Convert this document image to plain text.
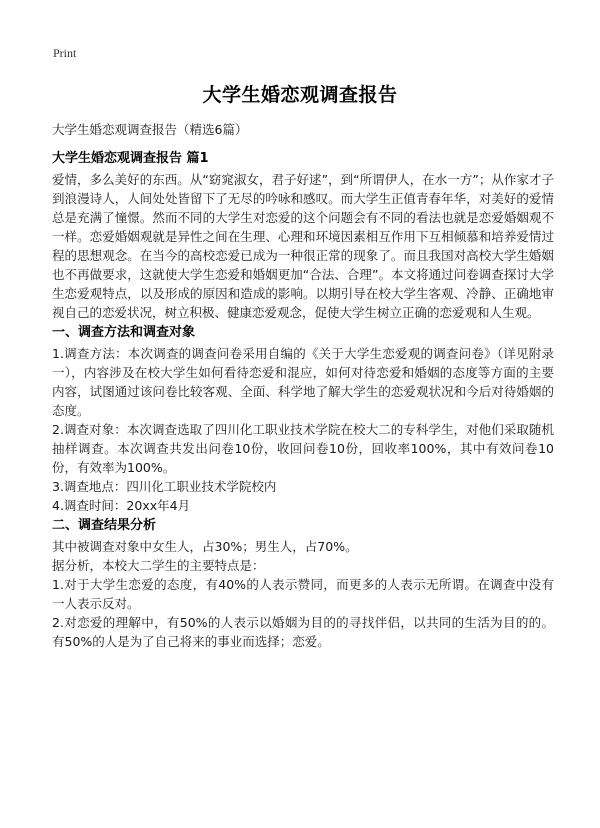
Print
大学生婚恋观调查报告
大学生婚恋观调查报告（精选6篇）
大学生婚恋观调查报告 篇1

爱情，多么美好的东西。从“窈窕淑女，君子好逑”，到“所谓伊人，在水一方”；从作家才子到浪漫诗人，人间处处皆留下了无尽的吟咏和感叹。而大学生正值青春年华，对美好的爱情总是充满了憧憬。然而不同的大学生对恋爱的这个问题会有不同的看法也就是恋爱婚姻观不一样。恋爱婚姻观就是异性之间在生理、心理和环境因素相互作用下互相倾慕和培养爱情过程的思想观念。在当今的高校恋爱已成为一种很正常的现象了。而且我国对高校大学生婚姻也不再做要求，这就使大学生恋爱和婚姻更加“合法、合理”。本文将通过问卷调查探讨大学生恋爱观特点，以及形成的原因和造成的影响。以期引导在校大学生客观、冷静、正确地审视自己的恋爱状况，树立积极、健康恋爱观念，促使大学生树立正确的恋爱观和人生观。

一、调查方法和调查对象

1.调查方法：本次调查的调查问卷采用自编的《关于大学生恋爱观的调查问卷》（详见附录一），内容涉及在校大学生如何看待恋爱和混应，如何对待恋爱和婚姻的态度等方面的主要内容，试图通过该问卷比较客观、全面、科学地了解大学生的恋爱观状况和今后对待婚姻的态度。

2.调查对象：本次调查选取了四川化工职业技术学院在校大二的专科学生，对他们采取随机抽样调查。本次调查共发出问卷10份，收回问卷10份，回收率100%，其中有效问卷10份，有效率为100%。

3.调查地点：四川化工职业技术学院校内

4.调查时间：20xx年4月

二、调查结果分析

其中被调查对象中女生人，占30%；男生人，占70%。

据分析，本校大二学生的主要特点是：

1.对于大学生恋爱的态度，有40%的人表示赞同，而更多的人表示无所谓。在调查中没有一人表示反对。

2.对恋爱的理解中，有50%的人表示以婚姻为目的的寻找伴侣，以共同的生活为目的的。有50%的人是为了自己将来的事业而选择；恋爱。
